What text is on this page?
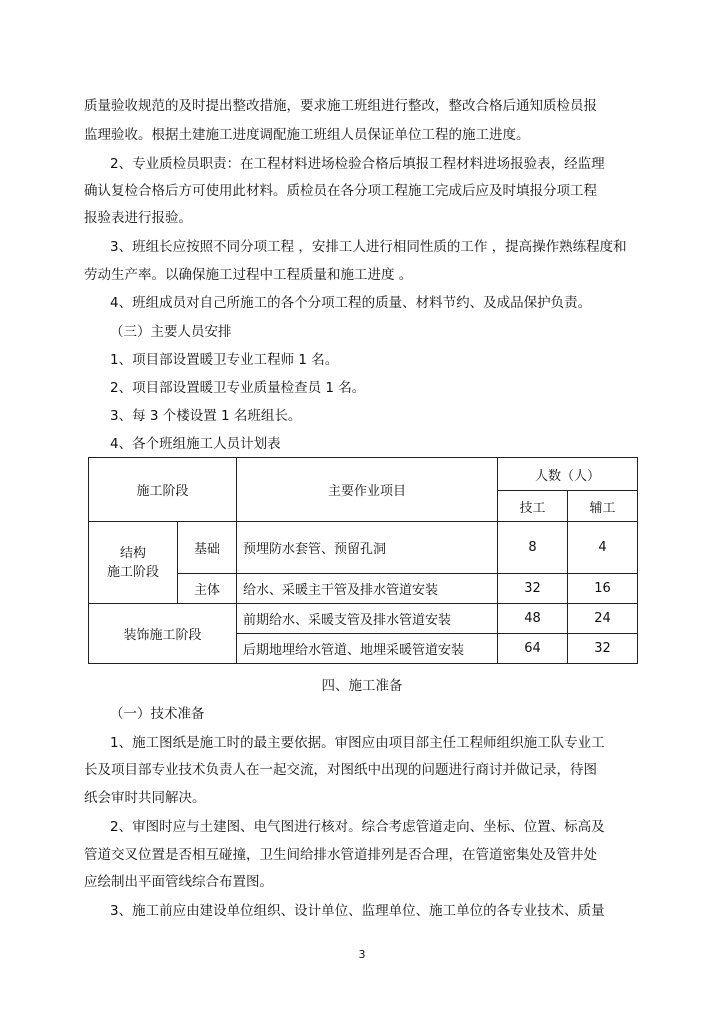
质量验收规范的及时提出整改措施，要求施工班组进行整改，整改合格后通知质检员报
监理验收。根据土建施工进度调配施工班组人员保证单位工程的施工进度。
2、专业质检员职责：在工程材料进场检验合格后填报工程材料进场报验表，经监理
确认复检合格后方可使用此材料。质检员在各分项工程施工完成后应及时填报分项工程
报验表进行报验。
3、班组长应按照不同分项工程 ，安排工人进行相同性质的工作 ，提高操作熟练程度和
劳动生产率。以确保施工过程中工程质量和施工进度 。
4、班组成员对自己所施工的各个分项工程的质量、材料节约、及成品保护负责。
（三）主要人员安排
1、项目部设置暖卫专业工程师 1 名。
2、项目部设置暖卫专业质量检查员 1 名。
3、每 3 个楼设置 1 名班组长。
4、各个班组施工人员计划表
施工阶段		主要作业项目	人数（人）	
			技工	辅工
结构
施工阶段	基础	预埋防水套管、预留孔洞	8	4
	主体	给水、采暖主干管及排水管道安装	32	16
装饰施工阶段		前期给水、采暖支管及排水管道安装	48	24
		后期地埋给水管道、地埋采暖管道安装	64	32
四、施工准备
（一）技术准备
1、施工图纸是施工时的最主要依据。审图应由项目部主任工程师组织施工队专业工
长及项目部专业技术负责人在一起交流，对图纸中出现的问题进行商讨并做记录，待图
纸会审时共同解决。
2、审图时应与土建图、电气图进行核对。综合考虑管道走向、坐标、位置、标高及
管道交叉位置是否相互碰撞，卫生间给排水管道排列是否合理，在管道密集处及管井处
应绘制出平面管线综合布置图。
3、施工前应由建设单位组织、设计单位、监理单位、施工单位的各专业技术、质量
3
